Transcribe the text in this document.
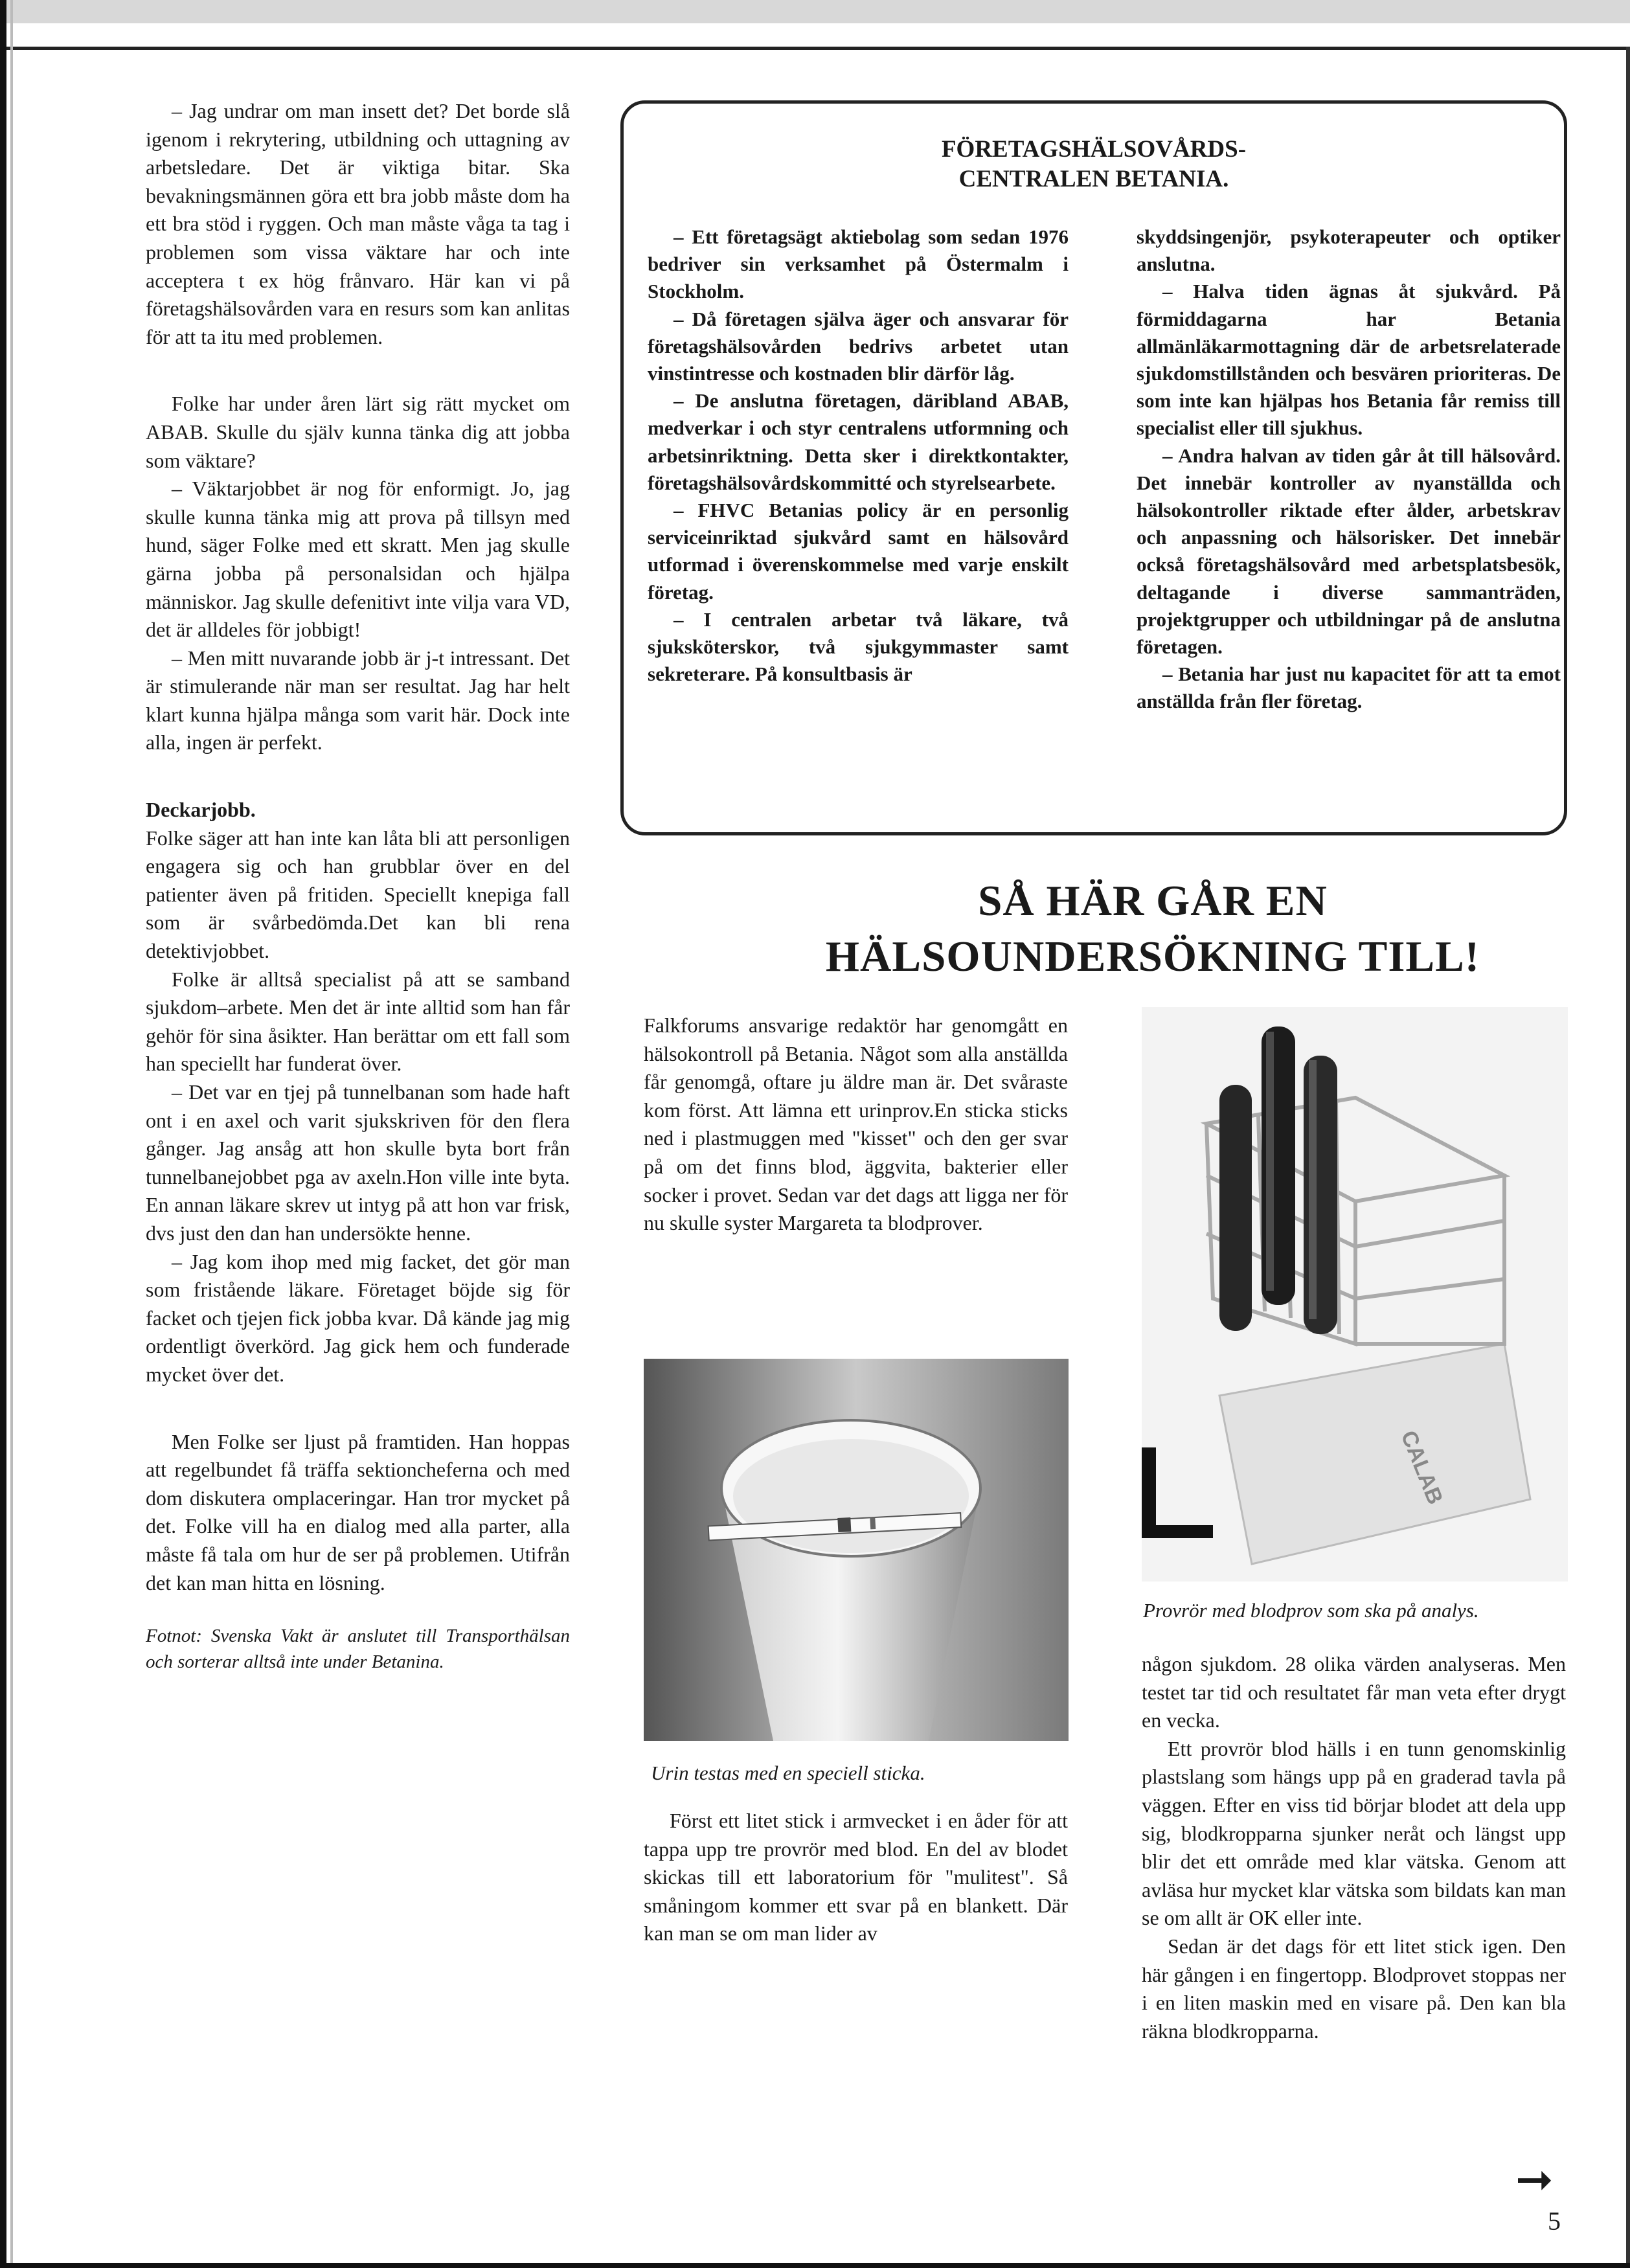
– Jag undrar om man insett det? Det borde slå igenom i rekrytering, utbildning och uttagning av arbetsledare. Det är viktiga bitar. Ska bevakningsmännen göra ett bra jobb måste dom ha ett bra stöd i ryggen. Och man måste våga ta tag i problemen som vissa väktare har och inte acceptera t ex hög frånvaro. Här kan vi på företagshälsovården vara en resurs som kan anlitas för att ta itu med problemen.

Folke har under åren lärt sig rätt mycket om ABAB. Skulle du själv kunna tänka dig att jobba som väktare?

– Väktarjobbet är nog för enformigt. Jo, jag skulle kunna tänka mig att prova på tillsyn med hund, säger Folke med ett skratt. Men jag skulle gärna jobba på personalsidan och hjälpa människor. Jag skulle defenitivt inte vilja vara VD, det är alldeles för jobbigt!

– Men mitt nuvarande jobb är j-t intressant. Det är stimulerande när man ser resultat. Jag har helt klart kunna hjälpa många som varit här. Dock inte alla, ingen är perfekt.

Deckarjobb.

Folke säger att han inte kan låta bli att personligen engagera sig och han grubblar över en del patienter även på fritiden. Speciellt knepiga fall som är svårbedömda.Det kan bli rena detektivjobbet.

Folke är alltså specialist på att se samband sjukdom–arbete. Men det är inte alltid som han får gehör för sina åsikter. Han berättar om ett fall som han speciellt har funderat över.

– Det var en tjej på tunnelbanan som hade haft ont i en axel och varit sjukskriven för den flera gånger. Jag ansåg att hon skulle byta bort från tunnelbanejobbet pga av axeln.Hon ville inte byta. En annan läkare skrev ut intyg på att hon var frisk, dvs just den dan han undersökte henne.

– Jag kom ihop med mig facket, det gör man som fristående läkare. Företaget böjde sig för facket och tjejen fick jobba kvar. Då kände jag mig ordentligt överkörd. Jag gick hem och funderade mycket över det.

Men Folke ser ljust på framtiden. Han hoppas att regelbundet få träffa sektioncheferna och med dom diskutera omplaceringar. Han tror mycket på det. Folke vill ha en dialog med alla parter, alla måste få tala om hur de ser på problemen. Utifrån det kan man hitta en lösning.

Fotnot: Svenska Vakt är anslutet till Transporthälsan och sorterar alltså inte under Betanina.

FÖRETAGSHÄLSOVÅRDS-
CENTRALEN BETANIA.

– Ett företagsägt aktiebolag som sedan 1976 bedriver sin verksamhet på Östermalm i Stockholm.

– Då företagen själva äger och ansvarar för företagshälsovården bedrivs arbetet utan vinstintresse och kostnaden blir därför låg.

– De anslutna företagen, däribland ABAB, medverkar i och styr centralens utformning och arbetsinriktning. Detta sker i direktkontakter, företagshälsovårdskommitté och styrelsearbete.

– FHVC Betanias policy är en personlig serviceinriktad sjukvård samt en hälsovård utformad i överenskommelse med varje enskilt företag.

– I centralen arbetar två läkare, två sjuksköterskor, två sjukgymmaster samt sekreterare. På konsultbasis är

skyddsingenjör, psykoterapeuter och optiker anslutna.

– Halva tiden ägnas åt sjukvård. På förmiddagarna har Betania allmänläkarmottagning där de arbetsrelaterade sjukdomstillstånden och besvären prioriteras. De som inte kan hjälpas hos Betania får remiss till specialist eller till sjukhus.

– Andra halvan av tiden går åt till hälsovård. Det innebär kontroller av nyanställda och hälsokontroller riktade efter ålder, arbetskrav och anpassning och hälsorisker. Det innebär också företagshälsovård med arbetsplatsbesök, deltagande i diverse sammanträden, projektgrupper och utbildningar på de anslutna företagen.

– Betania har just nu kapacitet för att ta emot anställda från fler företag.

SÅ HÄR GÅR EN
HÄLSOUNDERSÖKNING TILL!

Falkforums ansvarige redaktör har genomgått en hälsokontroll på Betania. Något som alla anställda får genomgå, oftare ju äldre man är. Det svåraste kom först. Att lämna ett urinprov.En sticka sticks ned i plastmuggen med "kisset" och den ger svar på om det finns blod, äggvita, bakterier eller socker i provet. Sedan var det dags att ligga ner för nu skulle syster Margareta ta blodprover.

Urin testas med en speciell sticka.

Först ett litet stick i armvecket i en åder för att tappa upp tre provrör med blod. En del av blodet skickas till ett laboratorium för "mulitest". Så småningom kommer ett svar på en blankett. Där kan man se om man lider av

CALAB
Provrör med blodprov som ska på analys.

någon sjukdom. 28 olika värden analyseras. Men testet tar tid och resultatet får man veta efter drygt en vecka.

Ett provrör blod hälls i en tunn genomskinlig plastslang som hängs upp på en graderad tavla på väggen. Efter en viss tid börjar blodet att dela upp sig, blodkropparna sjunker neråt och längst upp blir det ett område med klar vätska. Genom att avläsa hur mycket klar vätska som bildats kan man se om allt är OK eller inte.

Sedan är det dags för ett litet stick igen. Den här gången i en fingertopp. Blodprovet stoppas ner i en liten maskin med en visare på. Den kan bla räkna blodkropparna.

➞
5
